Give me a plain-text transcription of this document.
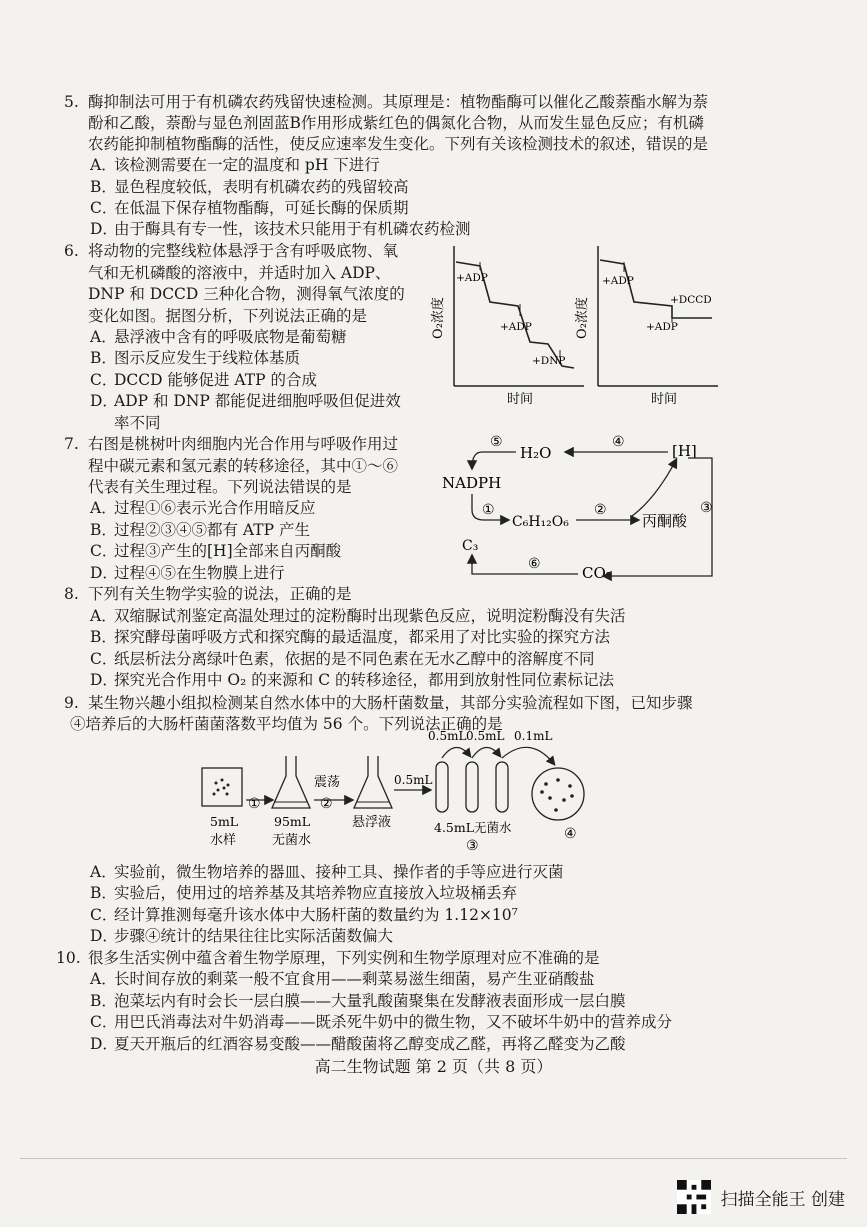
5. 酶抑制法可用于有机磷农药残留快速检测。其原理是：植物酯酶可以催化乙酸萘酯水解为萘
酚和乙酸，萘酚与显色剂固蓝B作用形成紫红色的偶氮化合物，从而发生显色反应；有机磷
农药能抑制植物酯酶的活性，使反应速率发生变化。下列有关该检测技术的叙述，错误的是
A．该检测需要在一定的温度和 pH 下进行
B．显色程度较低，表明有机磷农药的残留较高
C．在低温下保存植物酯酶，可延长酶的保质期
D．由于酶具有专一性，该技术只能用于有机磷农药检测
6. 将动物的完整线粒体悬浮于含有呼吸底物、氧
气和无机磷酸的溶液中，并适时加入 ADP、
DNP 和 DCCD 三种化合物，测得氧气浓度的
变化如图。据图分析，下列说法正确的是
A．悬浮液中含有的呼吸底物是葡萄糖
B．图示反应发生于线粒体基质
C．DCCD 能够促进 ATP 的合成
D．ADP 和 DNP 都能促进细胞呼吸但促进效
率不同
O₂浓度
时间
+ADP
+ADP
+DNP
O₂浓度
时间
+ADP
+DCCD
+ADP
7. 右图是桃树叶肉细胞内光合作用与呼吸作用过
程中碳元素和氢元素的转移途径，其中①～⑥
代表有关生理过程。下列说法错误的是
A．过程①⑥表示光合作用暗反应
B．过程②③④⑤都有 ATP 产生
C．过程③产生的[H]全部来自丙酮酸
D．过程④⑤在生物膜上进行
H₂O	[H]
NADPH
C₆H₁₂O₆	丙酮酸
C₃
CO₂
④
⑤
①	②	③
⑥
8. 下列有关生物学实验的说法，正确的是
A．双缩脲试剂鉴定高温处理过的淀粉酶时出现紫色反应，说明淀粉酶没有失活
B．探究酵母菌呼吸方式和探究酶的最适温度，都采用了对比实验的探究方法
C．纸层析法分离绿叶色素，依据的是不同色素在无水乙醇中的溶解度不同
D．探究光合作用中 O₂ 的来源和 C 的转移途径，都用到放射性同位素标记法
9. 某生物兴趣小组拟检测某自然水体中的大肠杆菌数量，其部分实验流程如下图，已知步骤
④培养后的大肠杆菌菌落数平均值为 56 个。下列说法正确的是
5mL
水样
①
95mL
无菌水
震荡
②
悬浮液
0.5mL
0.5mL 0.5mL 0.1mL
4.5mL无菌水
③
④
A．实验前，微生物培养的器皿、接种工具、操作者的手等应进行灭菌
B．实验后，使用过的培养基及其培养物应直接放入垃圾桶丢弃
C．经计算推测每毫升该水体中大肠杆菌的数量约为 1.12×10⁷
D．步骤④统计的结果往往比实际活菌数偏大
10. 很多生活实例中蕴含着生物学原理，下列实例和生物学原理对应不准确的是
A．长时间存放的剩菜一般不宜食用——剩菜易滋生细菌，易产生亚硝酸盐
B．泡菜坛内有时会长一层白膜——大量乳酸菌聚集在发酵液表面形成一层白膜
C．用巴氏消毒法对牛奶消毒——既杀死牛奶中的微生物，又不破坏牛奶中的营养成分
D．夏天开瓶后的红酒容易变酸——醋酸菌将乙醇变成乙醛，再将乙醛变为乙酸
高二生物试题 第 2 页（共 8 页）
扫描全能王 创建
